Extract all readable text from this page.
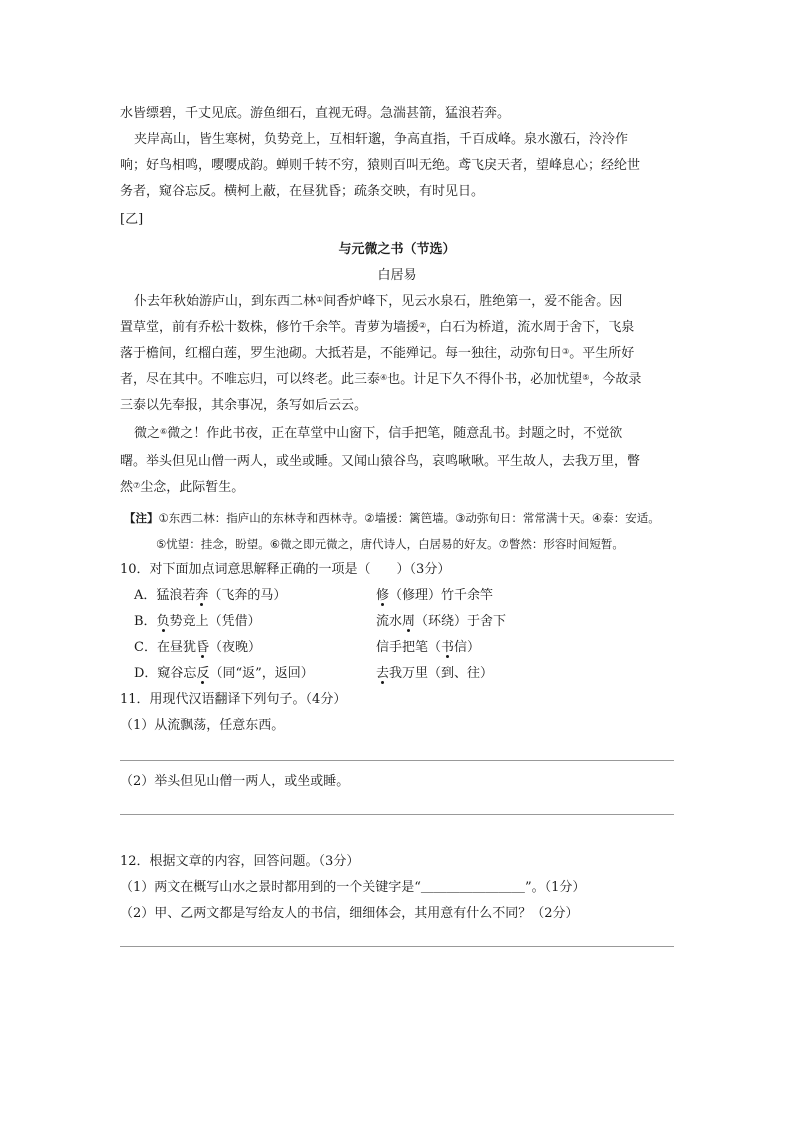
水皆缥碧，千丈见底。游鱼细石，直视无碍。急湍甚箭，猛浪若奔。
夹岸高山，皆生寒树，负势竞上，互相轩邈，争高直指，千百成峰。泉水激石，泠泠作
响；好鸟相鸣，嘤嘤成韵。蝉则千转不穷，猿则百叫无绝。鸢飞戾天者，望峰息心；经纶世
务者，窥谷忘反。横柯上蔽，在昼犹昏；疏条交映，有时见日。
[乙]
与元微之书（节选）
白居易
仆去年秋始游庐山，到东西二林①间香炉峰下，见云水泉石，胜绝第一，爱不能舍。因
置草堂，前有乔松十数株，修竹千余竿。青萝为墙援②，白石为桥道，流水周于舍下，飞泉
落于檐间，红榴白莲，罗生池砌。大抵若是，不能殚记。每一独往，动弥旬日③。平生所好
者，尽在其中。不唯忘归，可以终老。此三泰④也。计足下久不得仆书，必加忧望⑤，今故录
三泰以先奉报，其余事况，条写如后云云。
微之⑥微之！作此书夜，正在草堂中山窗下，信手把笔，随意乱书。封题之时，不觉欲
曙。举头但见山僧一两人，或坐或睡。又闻山猿谷鸟，哀鸣啾啾。平生故人，去我万里，瞥
然⑦尘念，此际暂生。
【注】①东西二林：指庐山的东林寺和西林寺。②墙援：篱笆墙。③动弥旬日：常常满十天。④泰：安适。
⑤忧望：挂念，盼望。⑥微之即元微之，唐代诗人，白居易的好友。⑦瞥然：形容时间短暂。
10．对下面加点词意思解释正确的一项是（　　）（3分）
A．猛浪若奔（飞奔的马）	修（修理）竹千余竿
B．负势竞上（凭借）	流水周（环绕）于舍下
C．在昼犹昏（夜晚）	信手把笔（书信）
D．窥谷忘反（同“返”，返回）	去我万里（到、往）
11．用现代汉语翻译下列句子。（4分）
（1）从流飘荡，任意东西。
（2）举头但见山僧一两人，或坐或睡。
12．根据文章的内容，回答问题。（3分）
（1）两文在概写山水之景时都用到的一个关键字是“＿＿＿＿＿＿＿＿”。（1分）
（2）甲、乙两文都是写给友人的书信，细细体会，其用意有什么不同？（2分）
